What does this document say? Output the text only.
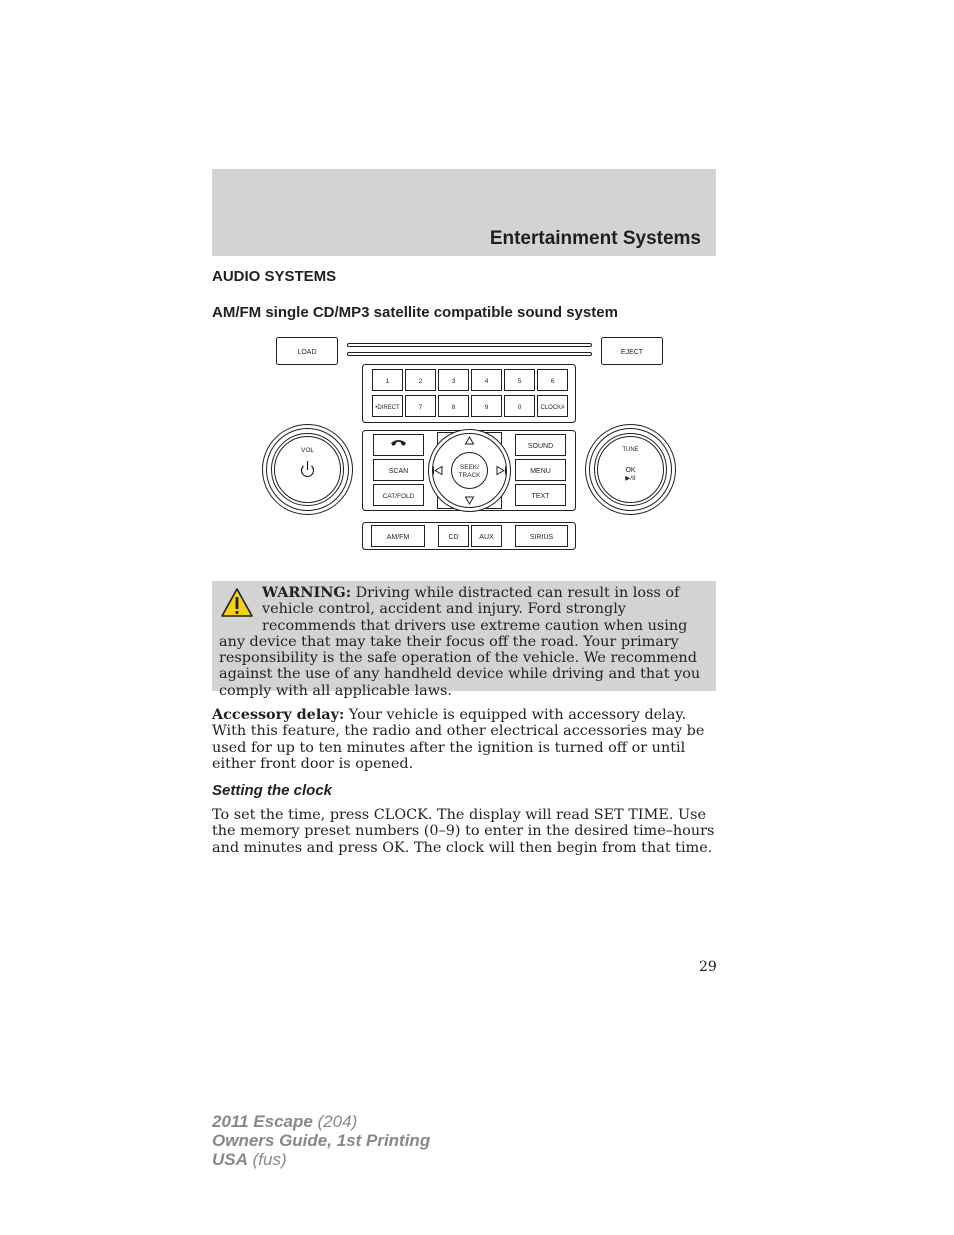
Entertainment Systems
AUDIO SYSTEMS
AM/FM single CD/MP3 satellite compatible sound system
LOAD	EJECT
1	2	3	4	5	6
•DIRECT	7	8	9	0	CLOCK#
VOL	TUNE
OK
▶/II
SCAN
CAT/FOLD
SEEK/
TRACK
SOUND
MENU
TEXT
AM/FM	CD	AUX	SIRIUS
WARNING: Driving while distracted can result in loss of vehicle control, accident and injury. Ford strongly recommends that drivers use extreme caution when using any device that may take their focus off the road. Your primary responsibility is the safe operation of the vehicle. We recommend against the use of any handheld device while driving and that you comply with all applicable laws.
Accessory delay: Your vehicle is equipped with accessory delay. With this feature, the radio and other electrical accessories may be used for up to ten minutes after the ignition is turned off or until either front door is opened.
Setting the clock
To set the time, press CLOCK. The display will read SET TIME. Use the memory preset numbers (0–9) to enter in the desired time–hours and minutes and press OK. The clock will then begin from that time.
29
2011 Escape (204)
Owners Guide, 1st Printing
USA (fus)
